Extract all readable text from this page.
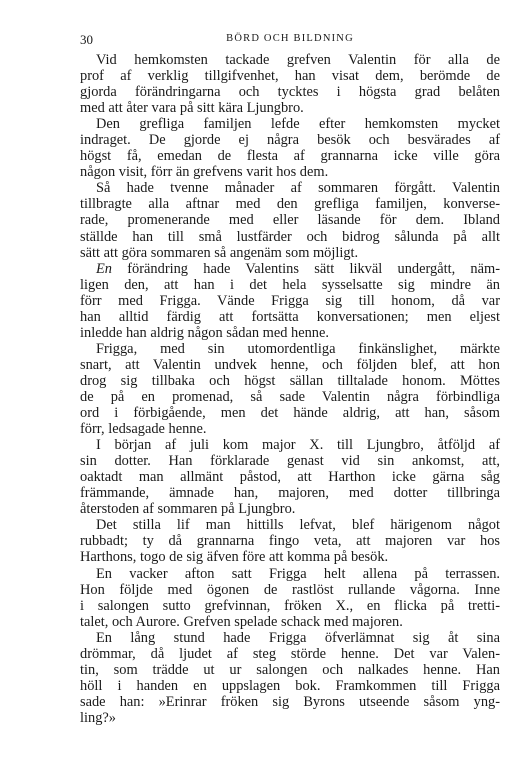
30	BÖRD OCH BILDNING
Vid hemkomsten tackade grefven Valentin för alla de
prof af verklig tillgifvenhet, han visat dem, berömde de
gjorda förändringarna och tycktes i högsta grad belåten
med att åter vara på sitt kära Ljungbro.
Den grefliga familjen lefde efter hemkomsten mycket
indraget. De gjorde ej några besök och besvärades af
högst få, emedan de flesta af grannarna icke ville göra
någon visit, förr än grefvens varit hos dem.
Så hade tvenne månader af sommaren förgått. Valentin
tillbragte alla aftnar med den grefliga familjen, konverse-
rade, promenerande med eller läsande för dem. Ibland
ställde han till små lustfärder och bidrog sålunda på allt
sätt att göra sommaren så angenäm som möjligt.
En förändring hade Valentins sätt likväl undergått, näm-
ligen den, att han i det hela sysselsatte sig mindre än
förr med Frigga. Vände Frigga sig till honom, då var
han alltid färdig att fortsätta konversationen; men eljest
inledde han aldrig någon sådan med henne.
Frigga, med sin utomordentliga finkänslighet, märkte
snart, att Valentin undvek henne, och följden blef, att hon
drog sig tillbaka och högst sällan tilltalade honom. Möttes
de på en promenad, så sade Valentin några förbindliga
ord i förbigående, men det hände aldrig, att han, såsom
förr, ledsagade henne.
I början af juli kom major X. till Ljungbro, åtföljd af
sin dotter. Han förklarade genast vid sin ankomst, att,
oaktadt man allmänt påstod, att Harthon icke gärna såg
främmande, ämnade han, majoren, med dotter tillbringa
återstoden af sommaren på Ljungbro.
Det stilla lif man hittills lefvat, blef härigenom något
rubbadt; ty då grannarna fingo veta, att majoren var hos
Harthons, togo de sig äfven före att komma på besök.
En vacker afton satt Frigga helt allena på terrassen.
Hon följde med ögonen de rastlöst rullande vågorna. Inne
i salongen sutto grefvinnan, fröken X., en flicka på tretti-
talet, och Aurore. Grefven spelade schack med majoren.
En lång stund hade Frigga öfverlämnat sig åt sina
drömmar, då ljudet af steg störde henne. Det var Valen-
tin, som trädde ut ur salongen och nalkades henne. Han
höll i handen en uppslagen bok. Framkommen till Frigga
sade han: »Erinrar fröken sig Byrons utseende såsom yng-
ling?»
